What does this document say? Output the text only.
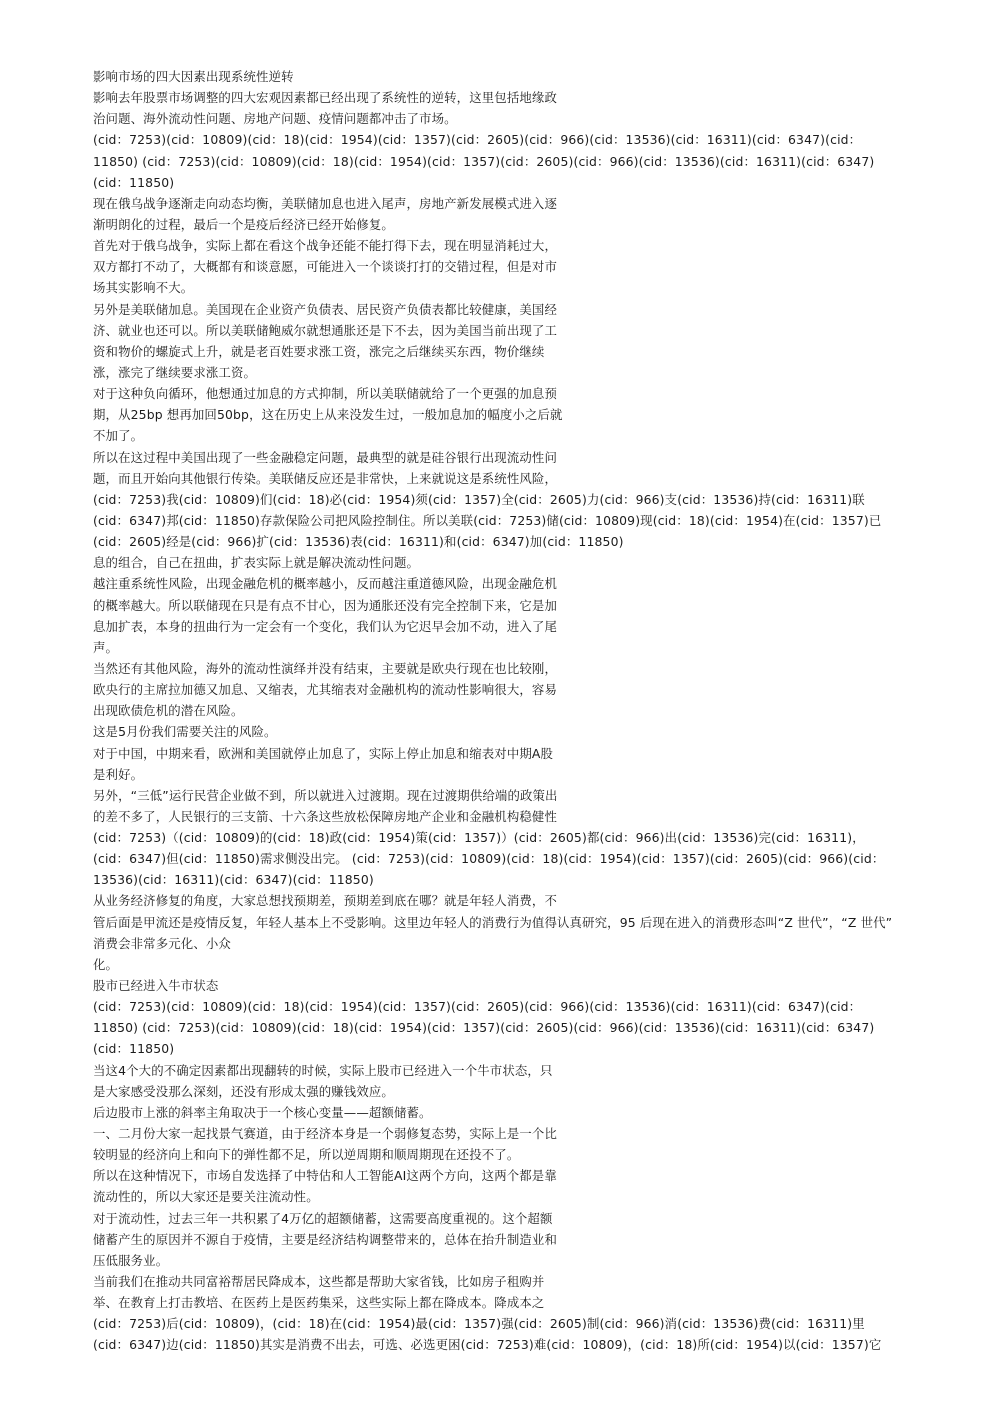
影响市场的四大因素出现系统性逆转
影响去年股票市场调整的四大宏观因素都已经出现了系统性的逆转，这里包括地缘政
治问题、海外流动性问题、房地产问题、疫情问题都冲击了市场。
(cid：7253)(cid：10809)(cid：18)(cid：1954)(cid：1357)(cid：2605)(cid：966)(cid：13536)(cid：16311)(cid：6347)(cid：
11850) (cid：7253)(cid：10809)(cid：18)(cid：1954)(cid：1357)(cid：2605)(cid：966)(cid：13536)(cid：16311)(cid：6347)
(cid：11850)
现在俄乌战争逐渐走向动态均衡，美联储加息也进入尾声，房地产新发展模式进入逐
渐明朗化的过程，最后一个是疫后经济已经开始修复。
首先对于俄乌战争，实际上都在看这个战争还能不能打得下去，现在明显消耗过大，
双方都打不动了，大概都有和谈意愿，可能进入一个谈谈打打的交错过程，但是对市
场其实影响不大。
另外是美联储加息。美国现在企业资产负债表、居民资产负债表都比较健康，美国经
济、就业也还可以。所以美联储鲍威尔就想通胀还是下不去，因为美国当前出现了工
资和物价的螺旋式上升，就是老百姓要求涨工资，涨完之后继续买东西，物价继续
涨，涨完了继续要求涨工资。
对于这种负向循环，他想通过加息的方式抑制，所以美联储就给了一个更强的加息预
期，从25bp 想再加回50bp，这在历史上从来没发生过，一般加息加的幅度小之后就
不加了。
所以在这过程中美国出现了一些金融稳定问题，最典型的就是硅谷银行出现流动性问
题，而且开始向其他银行传染。美联储反应还是非常快，上来就说这是系统性风险，
(cid：7253)我(cid：10809)们(cid：18)必(cid：1954)须(cid：1357)全(cid：2605)力(cid：966)支(cid：13536)持(cid：16311)联
(cid：6347)邦(cid：11850)存款保险公司把风险控制住。所以美联(cid：7253)储(cid：10809)现(cid：18)(cid：1954)在(cid：1357)已
(cid：2605)经是(cid：966)扩(cid：13536)表(cid：16311)和(cid：6347)加(cid：11850)
息的组合，自己在扭曲，扩表实际上就是解决流动性问题。
越注重系统性风险，出现金融危机的概率越小，反而越注重道德风险，出现金融危机
的概率越大。所以联储现在只是有点不甘心，因为通胀还没有完全控制下来，它是加
息加扩表，本身的扭曲行为一定会有一个变化，我们认为它迟早会加不动，进入了尾
声。
当然还有其他风险，海外的流动性演绎并没有结束，主要就是欧央行现在也比较刚，
欧央行的主席拉加德又加息、又缩表，尤其缩表对金融机构的流动性影响很大，容易
出现欧债危机的潜在风险。
这是5月份我们需要关注的风险。
对于中国，中期来看，欧洲和美国就停止加息了，实际上停止加息和缩表对中期A股
是利好。
另外，“三低”运行民营企业做不到，所以就进入过渡期。现在过渡期供给端的政策出
的差不多了，人民银行的三支箭、十六条这些放松保障房地产企业和金融机构稳健性
(cid：7253)（(cid：10809)的(cid：18)政(cid：1954)策(cid：1357)）(cid：2605)都(cid：966)出(cid：13536)完(cid：16311)，
(cid：6347)但(cid：11850)需求侧没出完。 (cid：7253)(cid：10809)(cid：18)(cid：1954)(cid：1357)(cid：2605)(cid：966)(cid：
13536)(cid：16311)(cid：6347)(cid：11850)
从业务经济修复的角度，大家总想找预期差，预期差到底在哪？就是年轻人消费，不
管后面是甲流还是疫情反复，年轻人基本上不受影响。这里边年轻人的消费行为值得认真研究，95 后现在进入的消费形态叫“Z 世代”，“Z 世代”
消费会非常多元化、小众
化。
股市已经进入牛市状态
(cid：7253)(cid：10809)(cid：18)(cid：1954)(cid：1357)(cid：2605)(cid：966)(cid：13536)(cid：16311)(cid：6347)(cid：
11850) (cid：7253)(cid：10809)(cid：18)(cid：1954)(cid：1357)(cid：2605)(cid：966)(cid：13536)(cid：16311)(cid：6347)
(cid：11850)
当这4个大的不确定因素都出现翻转的时候，实际上股市已经进入一个牛市状态，只
是大家感受没那么深刻，还没有形成太强的赚钱效应。
后边股市上涨的斜率主角取决于一个核心变量——超额储蓄。
一、二月份大家一起找景气赛道，由于经济本身是一个弱修复态势，实际上是一个比
较明显的经济向上和向下的弹性都不足，所以逆周期和顺周期现在还投不了。
所以在这种情况下，市场自发选择了中特估和人工智能AI这两个方向，这两个都是靠
流动性的，所以大家还是要关注流动性。
对于流动性，过去三年一共积累了4万亿的超额储蓄，这需要高度重视的。这个超额
储蓄产生的原因并不源自于疫情，主要是经济结构调整带来的，总体在抬升制造业和
压低服务业。
当前我们在推动共同富裕帮居民降成本，这些都是帮助大家省钱，比如房子租购并
举、在教育上打击教培、在医药上是医药集采，这些实际上都在降成本。降成本之
(cid：7253)后(cid：10809)，(cid：18)在(cid：1954)最(cid：1357)强(cid：2605)制(cid：966)消(cid：13536)费(cid：16311)里
(cid：6347)边(cid：11850)其实是消费不出去，可选、必选更困(cid：7253)难(cid：10809)，(cid：18)所(cid：1954)以(cid：1357)它
